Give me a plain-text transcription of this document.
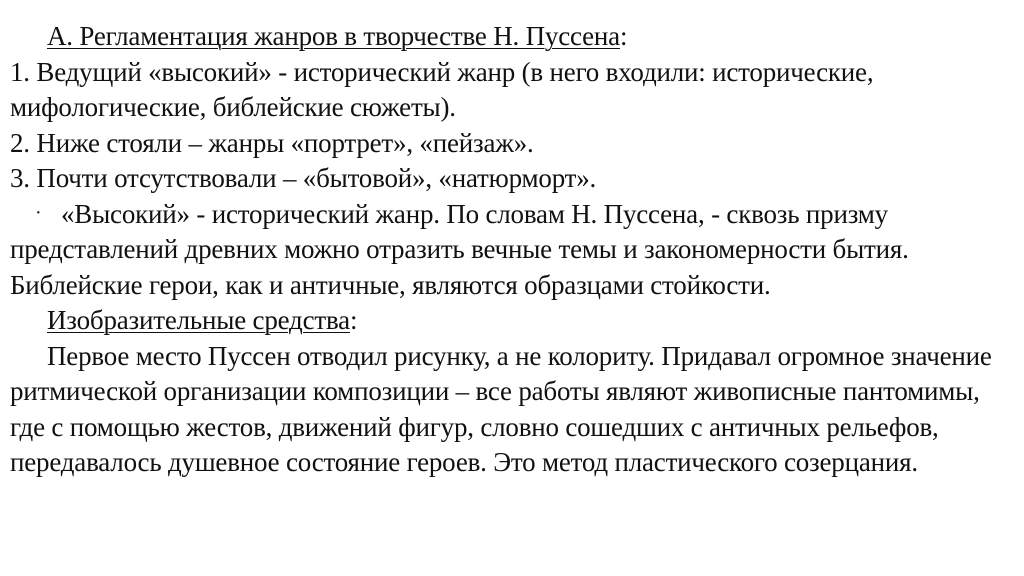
А. Регламентация жанров в творчестве Н. Пуссена:

1. Ведущий «высокий» - исторический жанр (в него входили: исторические, мифологические, библейские сюжеты).

2. Ниже стояли – жанры «портрет», «пейзаж».

3. Почти отсутствовали – «бытовой», «натюрморт».

· «Высокий» - исторический жанр. По словам Н. Пуссена, - сквозь призму
представлений древних можно отразить вечные темы и закономерности бытия. Библейские герои, как и античные, являются образцами стойкости.

Изобразительные средства:

Первое место Пуссен отводил рисунку, а не колориту. Придавал огромное значение ритмической организации композиции – все работы являют живописные пантомимы, где с помощью жестов, движений фигур, словно сошедших с античных рельефов, передавалось душевное состояние героев. Это метод пластического созерцания.
